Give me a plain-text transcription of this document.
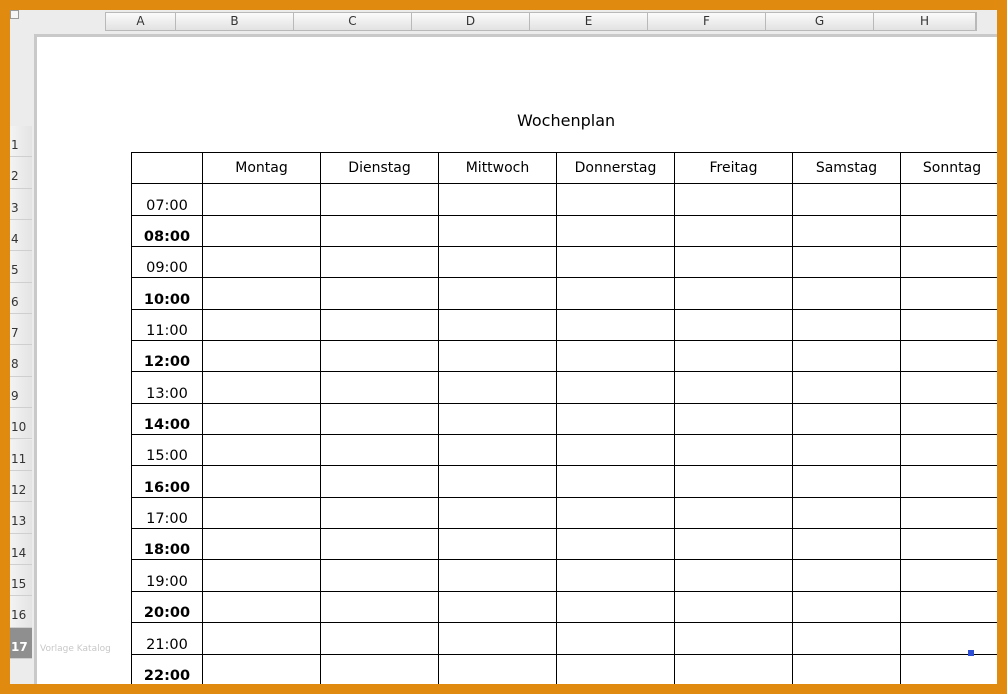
A	B	C	D	E	F	G	H
1
2
3
4
5
6
7
8
9
10
11
12
13
14
15
16
17
Wochenplan
	Montag	Dienstag	Mittwoch	Donnerstag	Freitag	Samstag	Sonntag
07:00							
08:00							
09:00							
10:00							
11:00							
12:00							
13:00							
14:00							
15:00							
16:00							
17:00							
18:00							
19:00							
20:00							
21:00							
22:00							
Vorlage Katalog
